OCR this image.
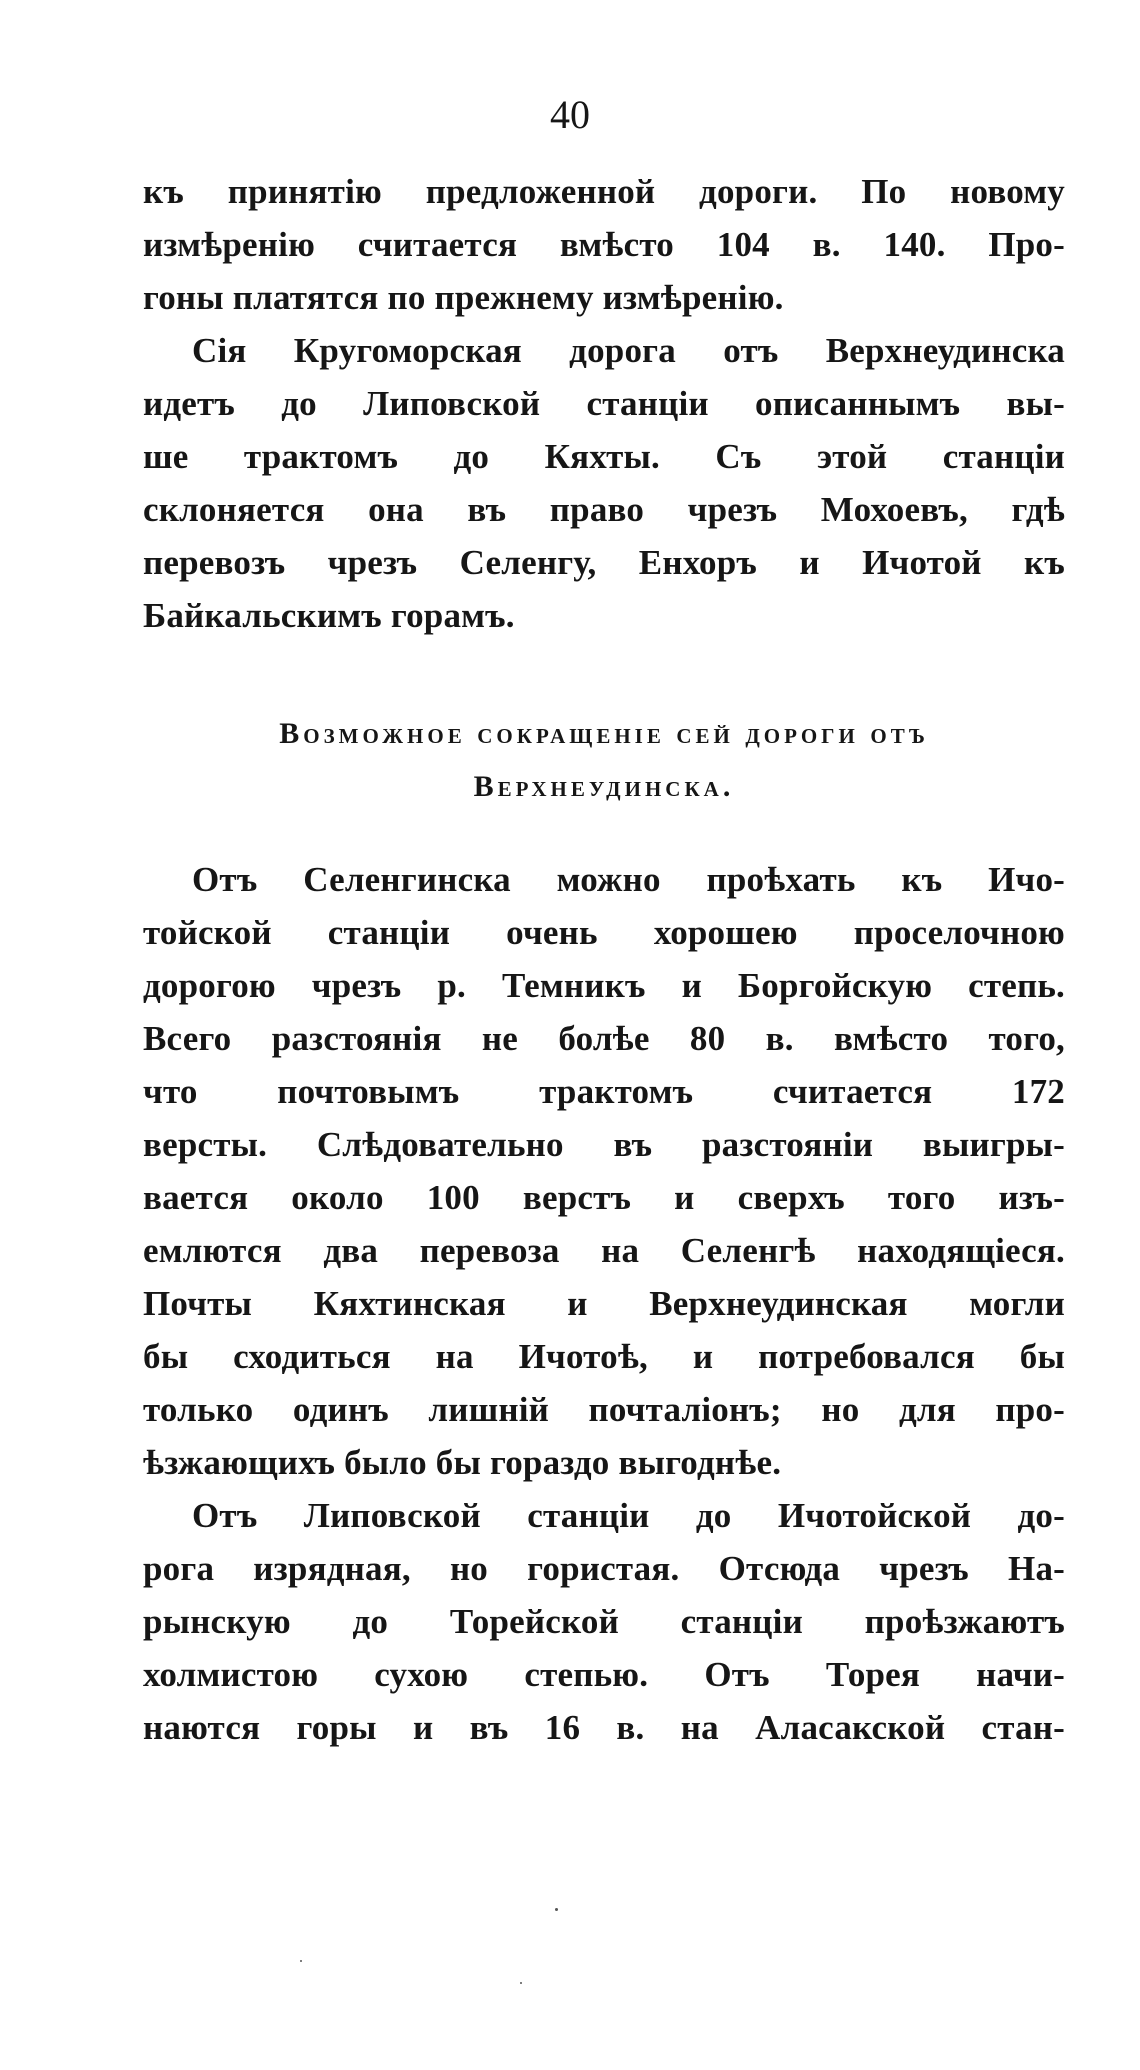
40
къ принятію предложенной дороги. По новому
измѣренію считается вмѣсто 104 в. 140. Про-
гоны платятся по прежнему измѣренію.
Сія Кругоморская дорога отъ Верхнеудинска
идетъ до Липовской станціи описаннымъ вы-
ше трактомъ до Кяхты. Съ этой станціи
склоняется она въ право чрезъ Мохоевъ, гдѣ
перевозъ чрезъ Селенгу, Енхоръ и Ичотой къ
Байкальскимъ горамъ.
Возможное сокращеніе сей дороги отъ
Верхнеудинска.
Отъ Селенгинска можно проѣхать къ Ичо-
тойской станціи очень хорошею проселочною
дорогою чрезъ р. Темникъ и Боргойскую степь.
Всего разстоянія не болѣе 80 в. вмѣсто того,
что почтовымъ трактомъ считается 172
версты. Слѣдовательно въ разстояніи выигры-
вается около 100 верстъ и сверхъ того изъ-
емлются два перевоза на Селенгѣ находящіеся.
Почты Кяхтинская и Верхнеудинская могли
бы сходиться на Ичотоѣ, и потребовался бы
только одинъ лишній почталіонъ; но для про-
ѣзжающихъ было бы гораздо выгоднѣе.
Отъ Липовской станціи до Ичотойской до-
рога изрядная, но гористая. Отсюда чрезъ На-
рынскую до Торейской станціи проѣзжаютъ
холмистою сухою степью. Отъ Торея начи-
наются горы и въ 16 в. на Аласакской стан-
